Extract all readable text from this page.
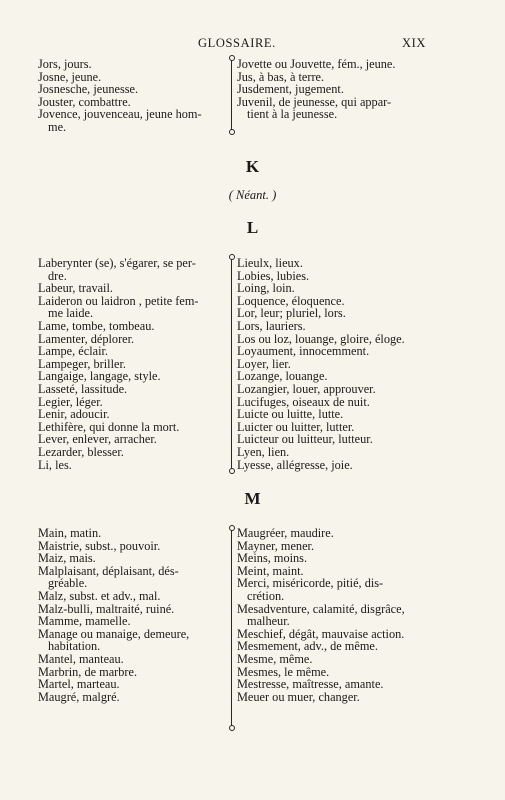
GLOSSAIRE.	XIX
Jors, jours.
Josne, jeune.
Josnesche, jeunesse.
Jouster, combattre.
Jovence, jouvenceau, jeune hom-
me.
Jovette ou Jouvette, fém., jeune.
Jus, à bas, à terre.
Jusdement, jugement.
Juvenil, de jeunesse, qui appar-
tient à la jeunesse.
K
( Néant. )
L
Laberynter (se), s'égarer, se per-
dre.
Labeur, travail.
Laideron ou laidron , petite fem-
me laide.
Lame, tombe, tombeau.
Lamenter, déplorer.
Lampe, éclair.
Lampeger, briller.
Langaige, langage, style.
Lasseté, lassitude.
Legier, léger.
Lenir, adoucir.
Lethifère, qui donne la mort.
Lever, enlever, arracher.
Lezarder, blesser.
Li, les.
Lieulx, lieux.
Lobies, lubies.
Loing, loin.
Loquence, éloquence.
Lor, leur; pluriel, lors.
Lors, lauriers.
Los ou loz, louange, gloire, éloge.
Loyaument, innocemment.
Loyer, lier.
Lozange, louange.
Lozangier, louer, approuver.
Lucifuges, oiseaux de nuit.
Luicte ou luitte, lutte.
Luicter ou luitter, lutter.
Luicteur ou luitteur, lutteur.
Lyen, lien.
Lyesse, allégresse, joie.
M
Main, matin.
Maistrie, subst., pouvoir.
Maiz, mais.
Malplaisant, déplaisant, dés-
gréable.
Malz, subst. et adv., mal.
Malz-bulli, maltraité, ruiné.
Mamme, mamelle.
Manage ou manaige, demeure,
habitation.
Mantel, manteau.
Marbrin, de marbre.
Martel, marteau.
Maugré, malgré.
Maugréer, maudire.
Mayner, mener.
Meins, moins.
Meint, maint.
Merci, miséricorde, pitié, dis-
crétion.
Mesadventure, calamité, disgrâce,
malheur.
Meschief, dégât, mauvaise action.
Mesmement, adv., de même.
Mesme, même.
Mesmes, le même.
Mestresse, maîtresse, amante.
Meuer ou muer, changer.
